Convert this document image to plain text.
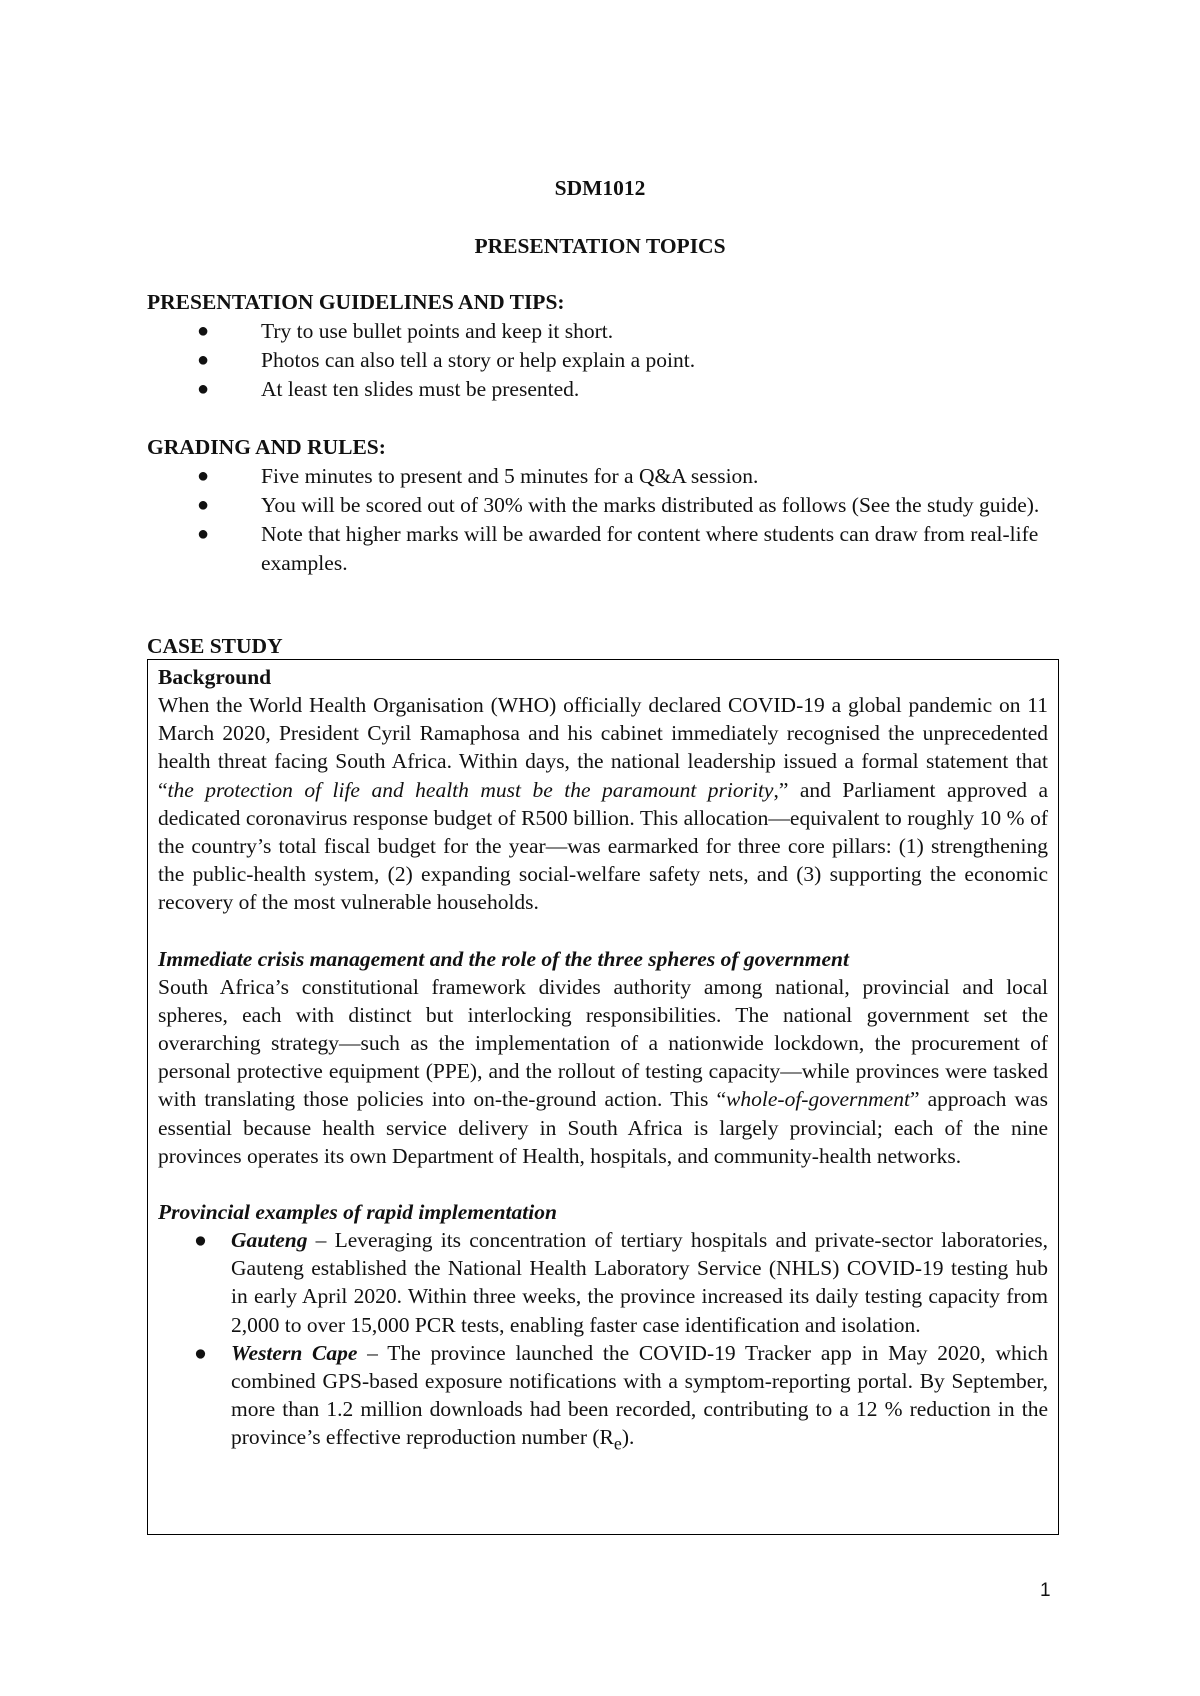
SDM1012
PRESENTATION TOPICS
PRESENTATION GUIDELINES AND TIPS:
● Try to use bullet points and keep it short.
● Photos can also tell a story or help explain a point.
● At least ten slides must be presented.
GRADING AND RULES:
● Five minutes to present and 5 minutes for a Q&A session.
● You will be scored out of 30% with the marks distributed as follows (See the study guide).
● Note that higher marks will be awarded for content where students can draw from real-life examples.
CASE STUDY
Background

When the World Health Organisation (WHO) officially declared COVID-19 a global pandemic on 11 March 2020, President Cyril Ramaphosa and his cabinet immediately recognised the unprecedented health threat facing South Africa. Within days, the national leadership issued a formal statement that “the protection of life and health must be the paramount priority,” and Parliament approved a dedicated coronavirus response budget of R500 billion. This allocation—equivalent to roughly 10 % of the country’s total fiscal budget for the year—was earmarked for three core pillars: (1) strengthening the public-health system, (2) expanding social-welfare safety nets, and (3) supporting the economic recovery of the most vulnerable households.

Immediate crisis management and the role of the three spheres of government

South Africa’s constitutional framework divides authority among national, provincial and local spheres, each with distinct but interlocking responsibilities. The national government set the overarching strategy—such as the implementation of a nationwide lockdown, the procurement of personal protective equipment (PPE), and the rollout of testing capacity—while provinces were tasked with translating those policies into on-the-ground action. This “whole-of-government” approach was essential because health service delivery in South Africa is largely provincial; each of the nine provinces operates its own Department of Health, hospitals, and community-health networks.

Provincial examples of rapid implementation
● Gauteng – Leveraging its concentration of tertiary hospitals and private-sector laboratories, Gauteng established the National Health Laboratory Service (NHLS) COVID-19 testing hub in early April 2020. Within three weeks, the province increased its daily testing capacity from 2,000 to over 15,000 PCR tests, enabling faster case identification and isolation.
● Western Cape – The province launched the COVID-19 Tracker app in May 2020, which combined GPS-based exposure notifications with a symptom-reporting portal. By September, more than 1.2 million downloads had been recorded, contributing to a 12 % reduction in the province’s effective reproduction number $(R_e)$.
1
